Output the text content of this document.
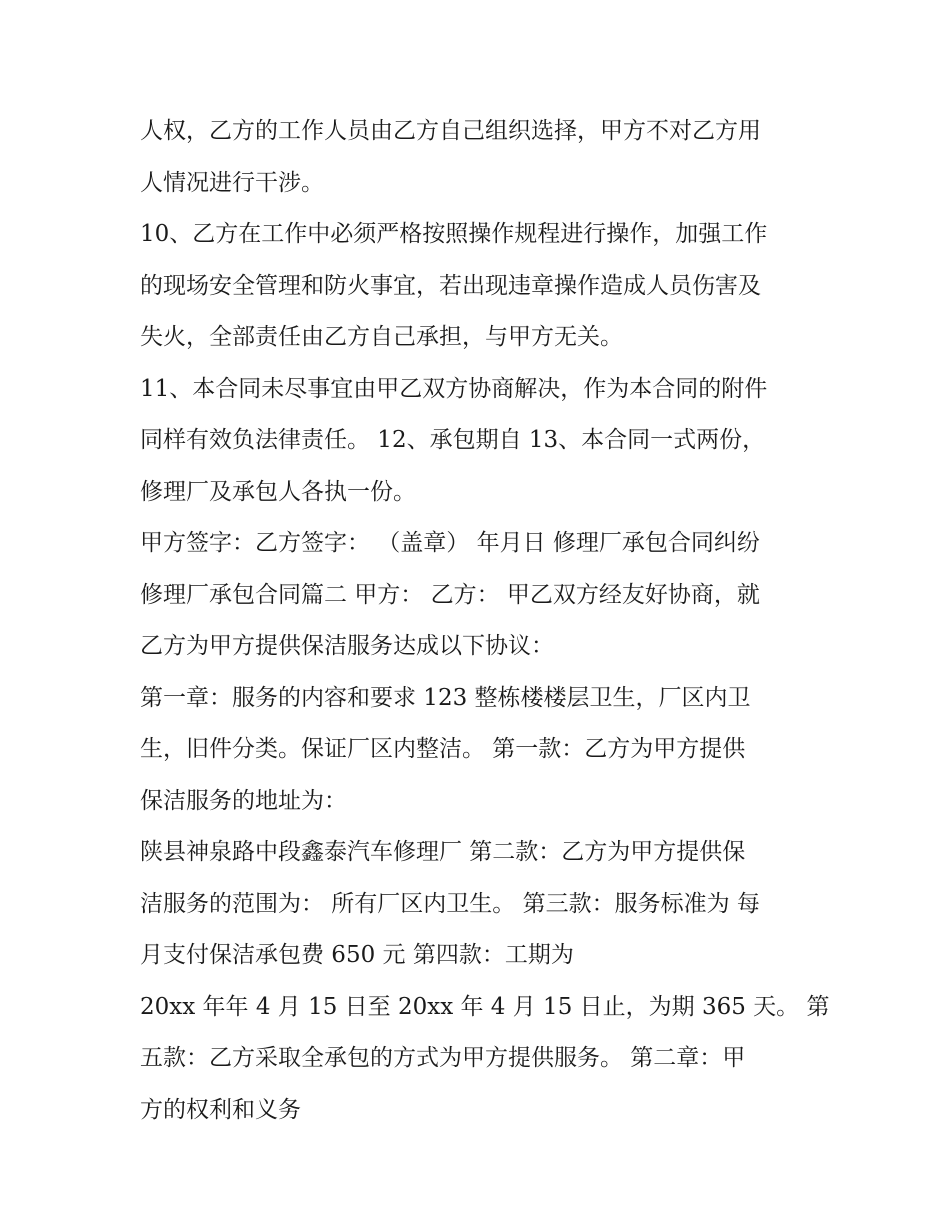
人权，乙方的工作人员由乙方自己组织选择，甲方不对乙方用
人情况进行干涉。
10、乙方在工作中必须严格按照操作规程进行操作，加强工作
的现场安全管理和防火事宜，若出现违章操作造成人员伤害及
失火，全部责任由乙方自己承担，与甲方无关。
11、本合同未尽事宜由甲乙双方协商解决，作为本合同的附件
同样有效负法律责任。 12、承包期自 13、本合同一式两份，
修理厂及承包人各执一份。
甲方签字：乙方签字： （盖章） 年月日 修理厂承包合同纠纷
修理厂承包合同篇二 甲方： 乙方： 甲乙双方经友好协商，就
乙方为甲方提供保洁服务达成以下协议：
第一章：服务的内容和要求 123 整栋楼楼层卫生，厂区内卫
生，旧件分类。保证厂区内整洁。 第一款：乙方为甲方提供
保洁服务的地址为：
陕县神泉路中段鑫泰汽车修理厂 第二款：乙方为甲方提供保
洁服务的范围为： 所有厂区内卫生。 第三款：服务标准为 每
月支付保洁承包费 650 元 第四款：工期为
20xx 年年 4 月 15 日至 20xx 年 4 月 15 日止，为期 365 天。 第
五款：乙方采取全承包的方式为甲方提供服务。 第二章：甲
方的权利和义务
